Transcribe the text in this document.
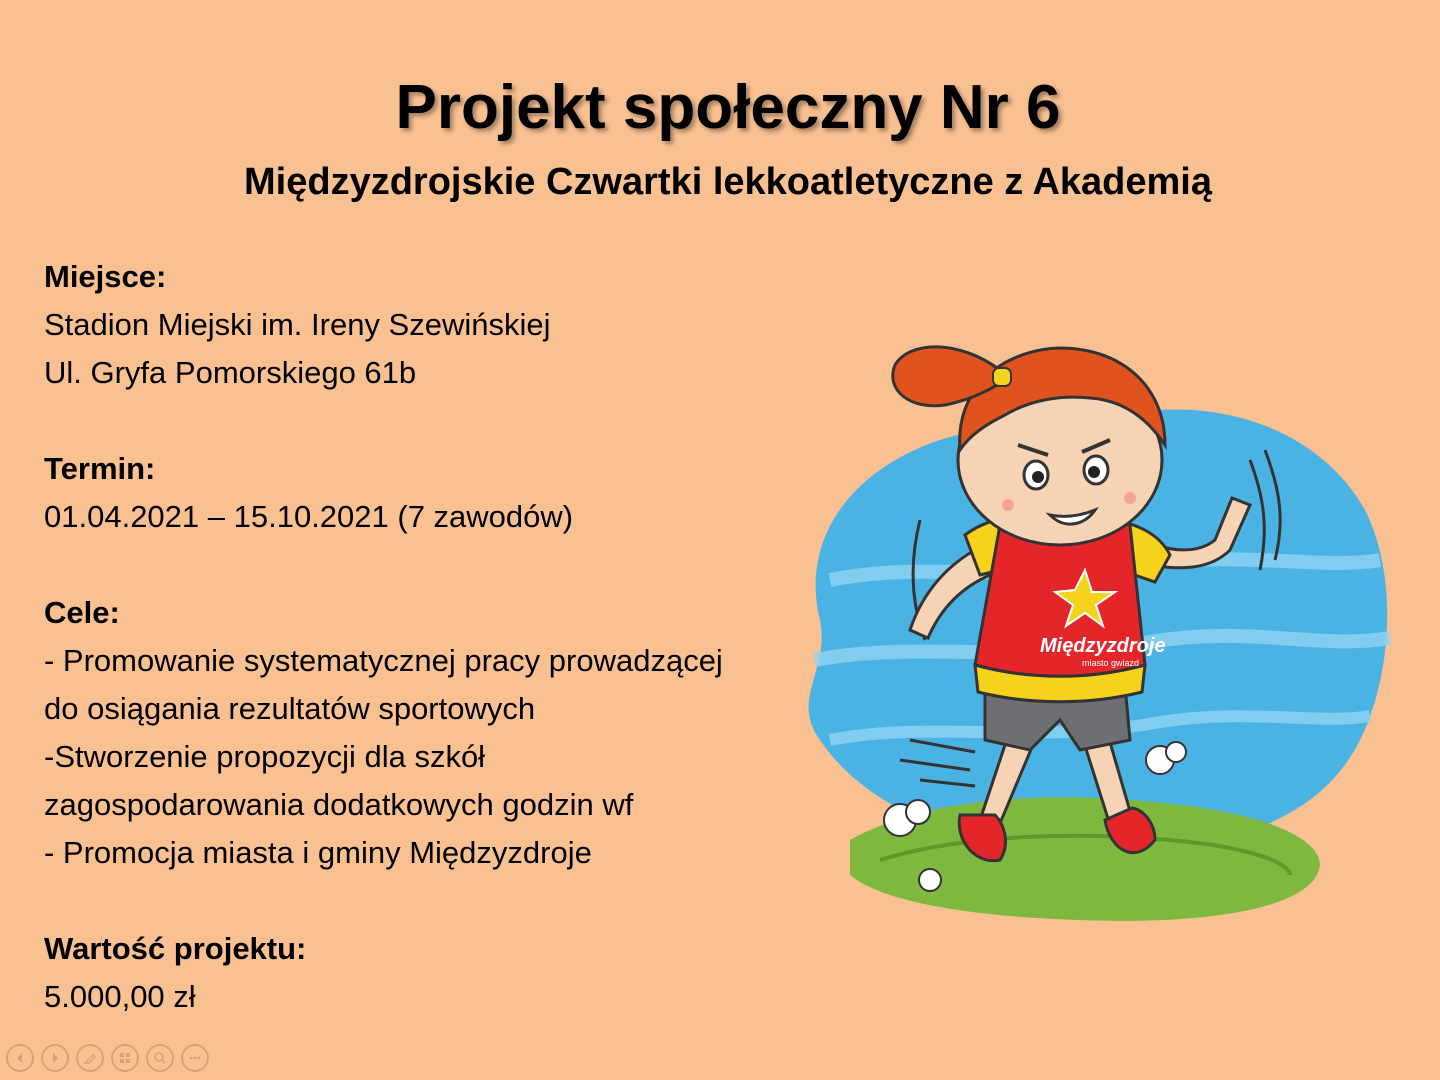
Projekt społeczny Nr 6
Międzyzdrojskie Czwartki lekkoatletyczne z Akademią
Miejsce:
Stadion Miejski im. Ireny Szewińskiej
Ul. Gryfa Pomorskiego 61b
Termin:
01.04.2021 – 15.10.2021 (7 zawodów)
Cele:
- Promowanie systematycznej pracy prowadzącej
do osiągania rezultatów sportowych
-Stworzenie propozycji dla szkół
zagospodarowania dodatkowych godzin wf
- Promocja miasta i gminy Międzyzdroje
Wartość projektu:
5.000,00 zł
Międzyzdroje
miasto gwiazd
